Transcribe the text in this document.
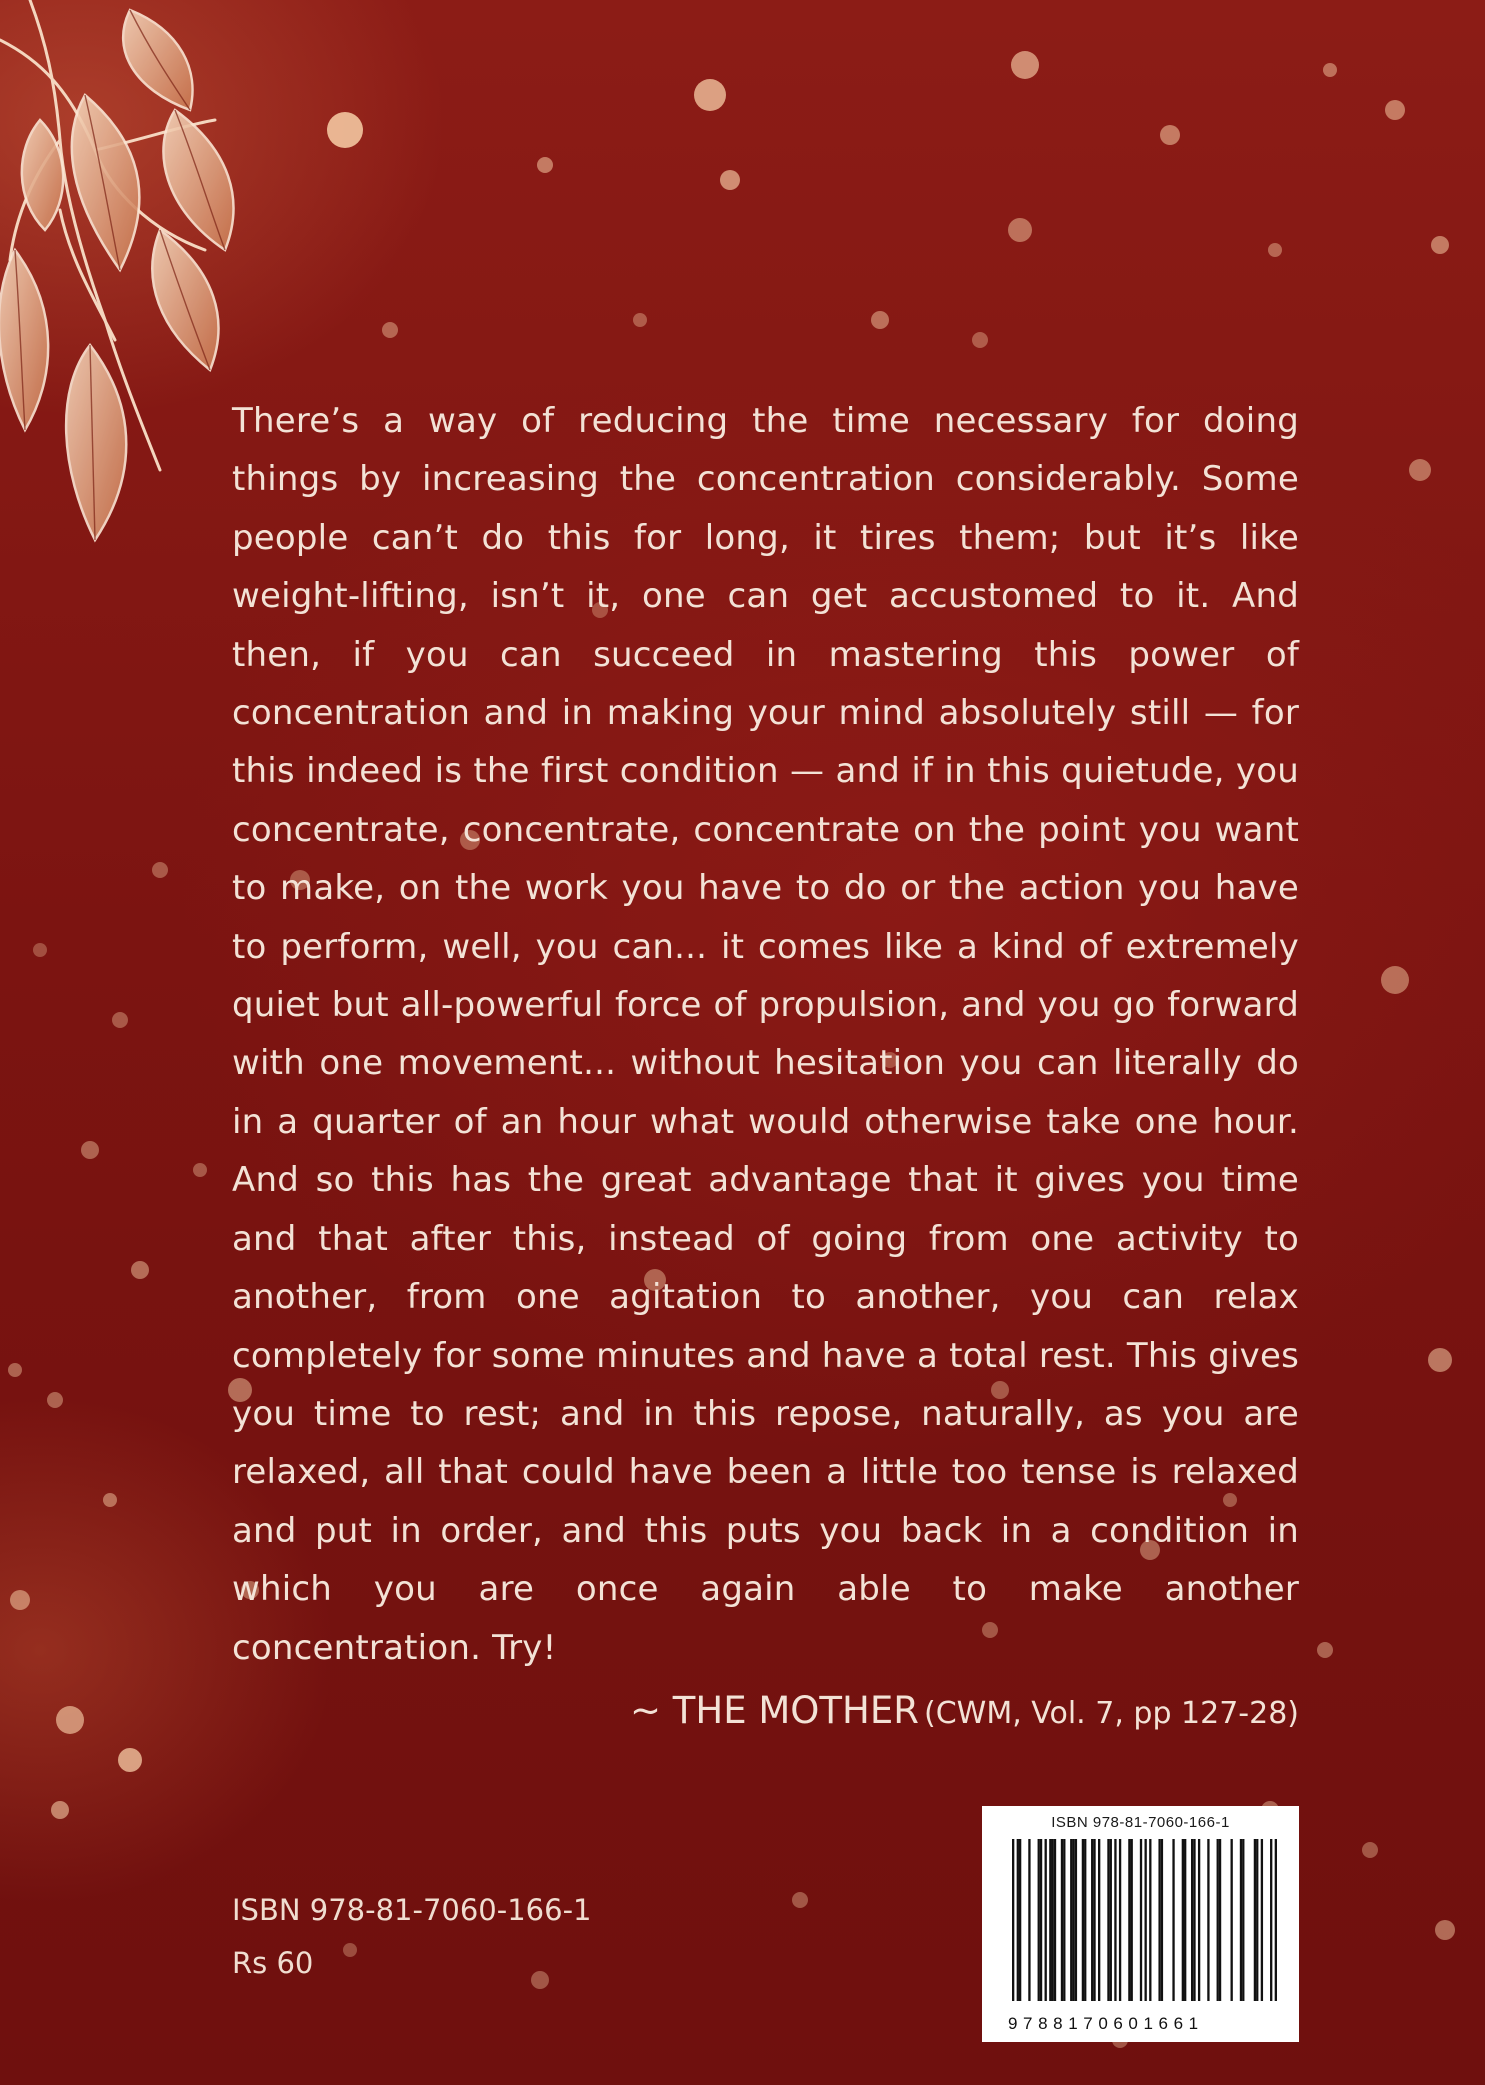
There’s a way of reducing the time necessary for doing things by increasing the concentration considerably. Some people can’t do this for long, it tires them; but it’s like weight-lifting, isn’t it, one can get accustomed to it. And then, if you can succeed in mastering this power of concentration and in making your mind absolutely still — for this indeed is the first condition — and if in this quietude, you concentrate, concentrate, concentrate on the point you want to make, on the work you have to do or the action you have to perform, well, you can... it comes like a kind of extremely quiet but all-powerful force of propulsion, and you go forward with one movement... without hesitation you can literally do in a quarter of an hour what would otherwise take one hour. And so this has the great advantage that it gives you time and that after this, instead of going from one activity to another, from one agitation to another, you can relax completely for some minutes and have a total rest. This gives you time to rest; and in this repose, naturally, as you are relaxed, all that could have been a little too tense is relaxed and put in order, and this puts you back in a condition in which you are once again able to make another concentration. Try!

~ THE MOTHER (CWM, Vol. 7, pp 127-28)
ISBN 978-81-7060-166-1
Rs 60
ISBN 978-81-7060-166-1
9788170601661
